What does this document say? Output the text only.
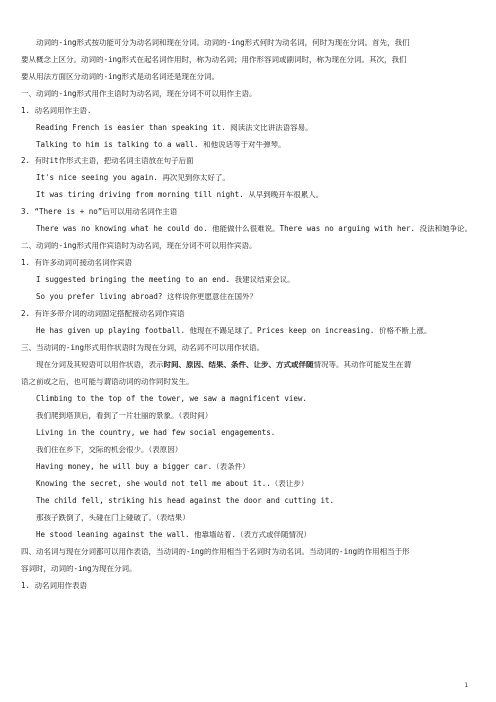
动词的-ing形式按功能可分为动名词和现在分词。动词的-ing形式何时为动名词，何时为现在分词。首先，我们
要从概念上区分。动词的-ing形式在起名词作用时，称为动名词；用作形容词或副词时，称为现在分词。其次，我们
要从用法方面区分动词的-ing形式是动名词还是现在分词。
一、动词的-ing形式用作主语时为动名词，现在分词不可以用作主语。
1. 动名词用作主语.
Reading French is easier than speaking it. 阅读法文比讲法语容易。
Talking to him is talking to a wall. 和他说话等于对牛弹琴。
2. 有时it作形式主语，把动名词主语放在句子后面
It's nice seeing you again. 再次见到你太好了。
It was tiring driving from morning till night. 从早到晚开车很累人。
3. “There is + no”后可以用动名词作主语
There was no knowing what he could do. 他能做什么很难说。There was no arguing with her. 没法和她争论。
二、动词的-ing形式用作宾语时为动名词，现在分词不可以用作宾语。
1. 有许多动词可接动名词作宾语
I suggested bringing the meeting to an end. 我建议结束会议。
So you prefer living abroad? 这样说你更愿意住在国外？
2. 有许多带介词的动词固定搭配接动名词作宾语
He has given up playing football. 他现在不踢足球了。Prices keep on increasing. 价格不断上涨。
三、当动词的-ing形式用作状语时为现在分词，动名词不可以用作状语。
现在分词及其短语可以用作状语，表示时间、原因、结果、条件、让步、方式或伴随情况等。其动作可能发生在谓
语之前或之后，也可能与谓语动词的动作同时发生。
Climbing to the top of the tower, we saw a magnificent view.
我们爬到塔顶后，看到了一片壮丽的景象。（表时间）
Living in the country, we had few social engagements.
我们住在乡下，交际的机会很少。（表原因）
Having money, he will buy a bigger car.（表条件）
Knowing the secret, she would not tell me about it..（表让步）
The child fell, striking his head against the door and cutting it.
那孩子跌倒了，头碰在门上碰破了。（表结果）
He stood leaning against the wall. 他靠墙站着.（表方式或伴随情况）
四、动名词与现在分词都可以用作表语，当动词的-ing的作用相当于名词时为动名词。当动词的-ing的作用相当于形
容词时，动词的-ing为现在分词。
1. 动名词用作表语
1
